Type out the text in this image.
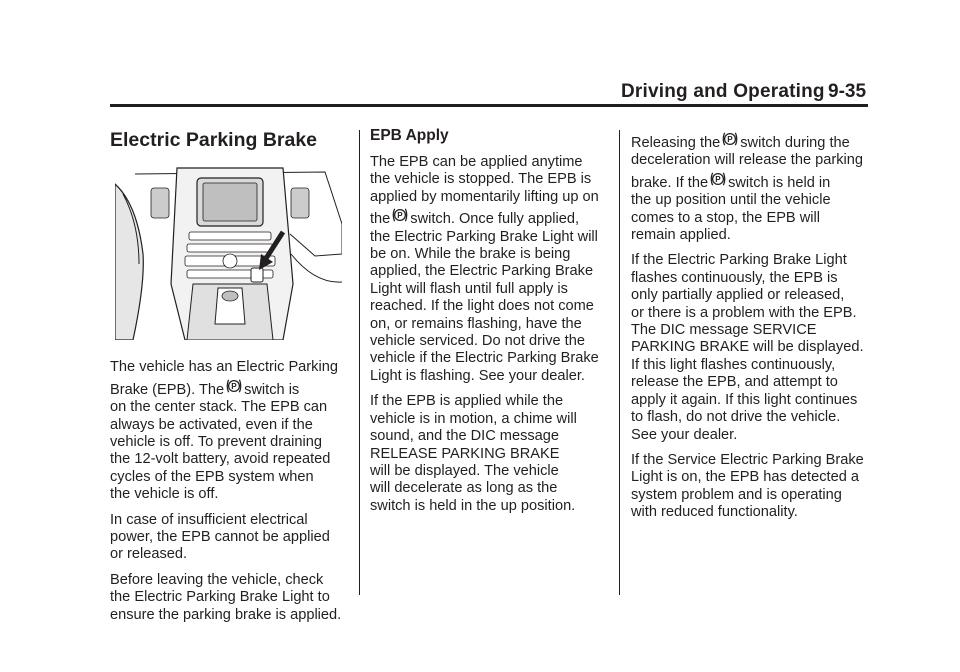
Driving and Operating 9-35
Electric Parking Brake

The vehicle has an Electric Parking
Brake (EPB). The P switch is
on the center stack. The EPB can
always be activated, even if the
vehicle is off. To prevent draining
the 12-volt battery, avoid repeated
cycles of the EPB system when
the vehicle is off.

In case of insufficient electrical
power, the EPB cannot be applied
or released.

Before leaving the vehicle, check
the Electric Parking Brake Light to
ensure the parking brake is applied.

EPB Apply

The EPB can be applied anytime
the vehicle is stopped. The EPB is
applied by momentarily lifting up on
the P switch. Once fully applied,
the Electric Parking Brake Light will
be on. While the brake is being
applied, the Electric Parking Brake
Light will flash until full apply is
reached. If the light does not come
on, or remains flashing, have the
vehicle serviced. Do not drive the
vehicle if the Electric Parking Brake
Light is flashing. See your dealer.

If the EPB is applied while the
vehicle is in motion, a chime will
sound, and the DIC message
RELEASE PARKING BRAKE
will be displayed. The vehicle
will decelerate as long as the
switch is held in the up position.

Releasing the P switch during the
deceleration will release the parking
brake. If the P switch is held in
the up position until the vehicle
comes to a stop, the EPB will
remain applied.

If the Electric Parking Brake Light
flashes continuously, the EPB is
only partially applied or released,
or there is a problem with the EPB.
The DIC message SERVICE
PARKING BRAKE will be displayed.
If this light flashes continuously,
release the EPB, and attempt to
apply it again. If this light continues
to flash, do not drive the vehicle.
See your dealer.

If the Service Electric Parking Brake
Light is on, the EPB has detected a
system problem and is operating
with reduced functionality.
